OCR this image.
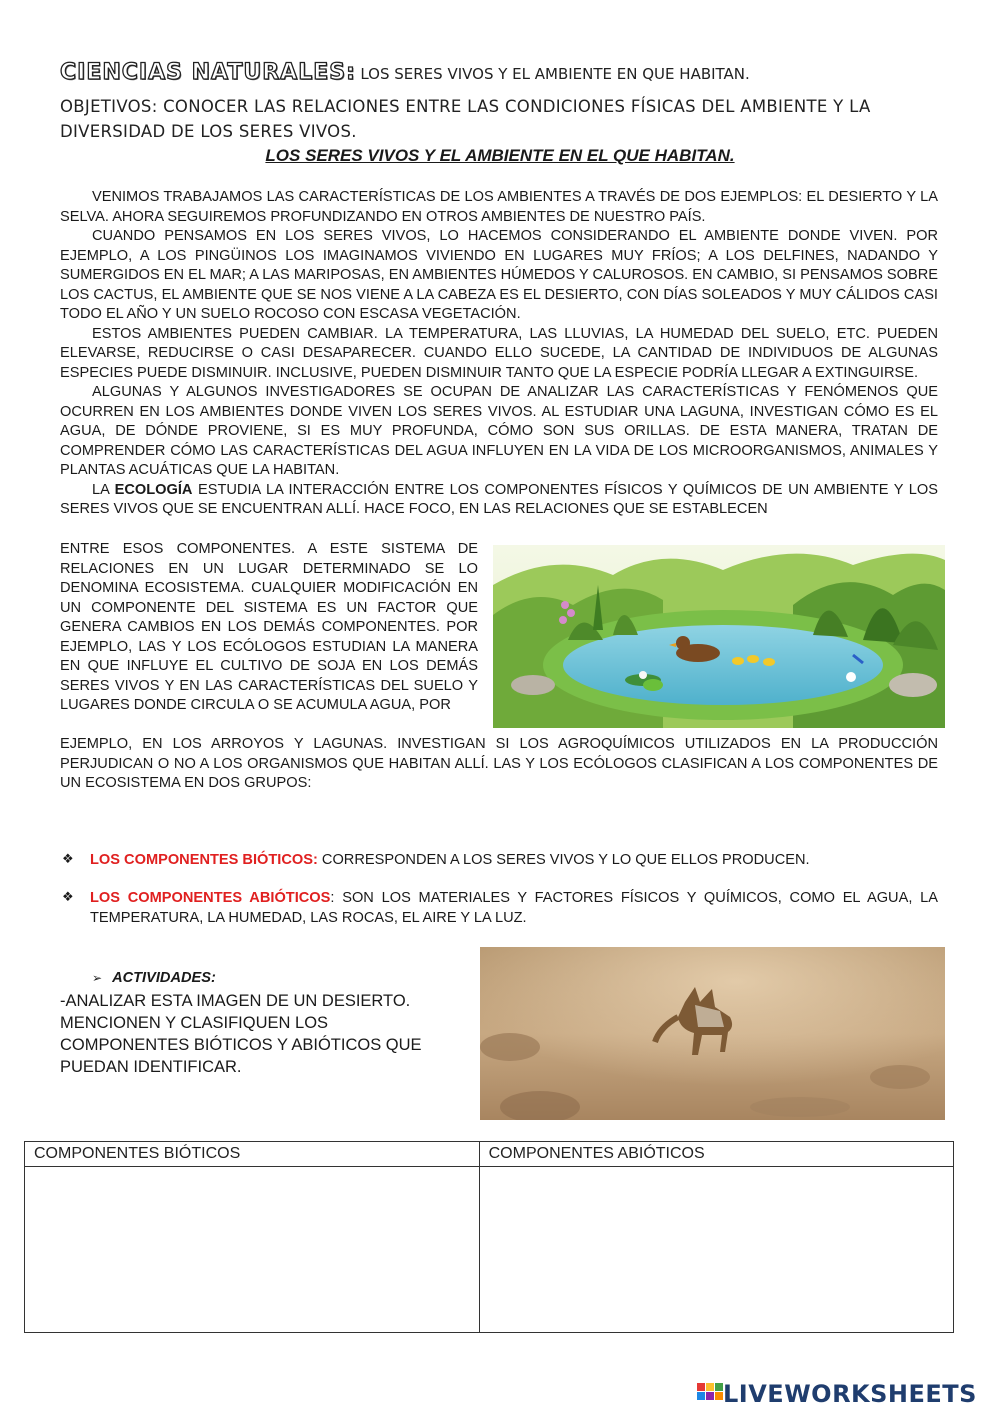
CIENCIAS NATURALES: LOS SERES VIVOS Y EL AMBIENTE EN QUE HABITAN.
OBJETIVOS: CONOCER LAS RELACIONES ENTRE LAS CONDICIONES FÍSICAS DEL AMBIENTE Y LA DIVERSIDAD DE LOS SERES VIVOS.
LOS SERES VIVOS Y EL AMBIENTE EN EL QUE HABITAN.

VENIMOS TRABAJAMOS LAS CARACTERÍSTICAS DE LOS AMBIENTES A TRAVÉS DE DOS EJEMPLOS: EL DESIERTO Y LA SELVA. AHORA SEGUIREMOS PROFUNDIZANDO EN OTROS AMBIENTES DE NUESTRO PAÍS.

CUANDO PENSAMOS EN LOS SERES VIVOS, LO HACEMOS CONSIDERANDO EL AMBIENTE DONDE VIVEN. POR EJEMPLO, A LOS PINGÜINOS LOS IMAGINAMOS VIVIENDO EN LUGARES MUY FRÍOS; A LOS DELFINES, NADANDO Y SUMERGIDOS EN EL MAR; A LAS MARIPOSAS, EN AMBIENTES HÚMEDOS Y CALUROSOS. EN CAMBIO, SI PENSAMOS SOBRE LOS CACTUS, EL AMBIENTE QUE SE NOS VIENE A LA CABEZA ES EL DESIERTO, CON DÍAS SOLEADOS Y MUY CÁLIDOS CASI TODO EL AÑO Y UN SUELO ROCOSO CON ESCASA VEGETACIÓN.

ESTOS AMBIENTES PUEDEN CAMBIAR. LA TEMPERATURA, LAS LLUVIAS, LA HUMEDAD DEL SUELO, ETC. PUEDEN ELEVARSE, REDUCIRSE O CASI DESAPARECER. CUANDO ELLO SUCEDE, LA CANTIDAD DE INDIVIDUOS DE ALGUNAS ESPECIES PUEDE DISMINUIR. INCLUSIVE, PUEDEN DISMINUIR TANTO QUE LA ESPECIE PODRÍA LLEGAR A EXTINGUIRSE.

ALGUNAS Y ALGUNOS INVESTIGADORES SE OCUPAN DE ANALIZAR LAS CARACTERÍSTICAS Y FENÓMENOS QUE OCURREN EN LOS AMBIENTES DONDE VIVEN LOS SERES VIVOS. AL ESTUDIAR UNA LAGUNA, INVESTIGAN CÓMO ES EL AGUA, DE DÓNDE PROVIENE, SI ES MUY PROFUNDA, CÓMO SON SUS ORILLAS. DE ESTA MANERA, TRATAN DE COMPRENDER CÓMO LAS CARACTERÍSTICAS DEL AGUA INFLUYEN EN LA VIDA DE LOS MICROORGANISMOS, ANIMALES Y PLANTAS ACUÁTICAS QUE LA HABITAN.

LA ECOLOGÍA ESTUDIA LA INTERACCIÓN ENTRE LOS COMPONENTES FÍSICOS Y QUÍMICOS DE UN AMBIENTE Y LOS SERES VIVOS QUE SE ENCUENTRAN ALLÍ. HACE FOCO, EN LAS RELACIONES QUE SE ESTABLECEN

ENTRE ESOS COMPONENTES. A ESTE SISTEMA DE RELACIONES EN UN LUGAR DETERMINADO SE LO DENOMINA ECOSISTEMA. CUALQUIER MODIFICACIÓN EN UN COMPONENTE DEL SISTEMA ES UN FACTOR QUE GENERA CAMBIOS EN LOS DEMÁS COMPONENTES. POR EJEMPLO, LAS Y LOS ECÓLOGOS ESTUDIAN LA MANERA EN QUE INFLUYE EL CULTIVO DE SOJA EN LOS DEMÁS SERES VIVOS Y EN LAS CARACTERÍSTICAS DEL SUELO Y LUGARES DONDE CIRCULA O SE ACUMULA AGUA, POR

EJEMPLO, EN LOS ARROYOS Y LAGUNAS. INVESTIGAN SI LOS AGROQUÍMICOS UTILIZADOS EN LA PRODUCCIÓN PERJUDICAN O NO A LOS ORGANISMOS QUE HABITAN ALLÍ. LAS Y LOS ECÓLOGOS CLASIFICAN A LOS COMPONENTES DE UN ECOSISTEMA EN DOS GRUPOS:

❖ LOS COMPONENTES BIÓTICOS: CORRESPONDEN A LOS SERES VIVOS Y LO QUE ELLOS PRODUCEN.
❖ LOS COMPONENTES ABIÓTICOS: SON LOS MATERIALES Y FACTORES FÍSICOS Y QUÍMICOS, COMO EL AGUA, LA TEMPERATURA, LA HUMEDAD, LAS ROCAS, EL AIRE Y LA LUZ.
➢ ACTIVIDADES:
-ANALIZAR ESTA IMAGEN DE UN DESIERTO. MENCIONEN Y CLASIFIQUEN LOS COMPONENTES BIÓTICOS Y ABIÓTICOS QUE PUEDAN IDENTIFICAR.
COMPONENTES BIÓTICOS	COMPONENTES ABIÓTICOS

LIVEWORKSHEETS
